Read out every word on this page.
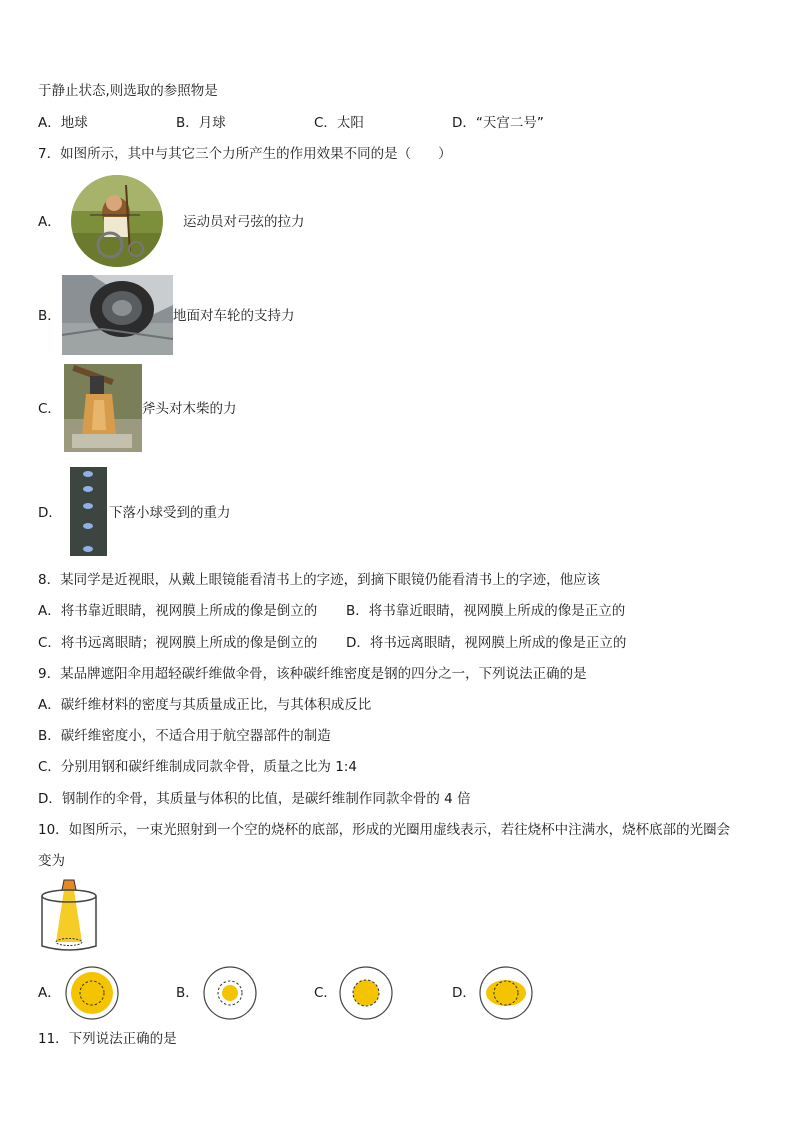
于静止状态,则选取的参照物是
A．地球	B．月球	C．太阳	D．“天宫二号”
7．如图所示，其中与其它三个力所产生的作用效果不同的是（　　）
A．	运动员对弓弦的拉力
B．	地面对车轮的支持力
C．	斧头对木柴的力
D．	下落小球受到的重力
8．某同学是近视眼，从戴上眼镜能看清书上的字迹，到摘下眼镜仍能看清书上的字迹，他应该
A．将书靠近眼睛，视网膜上所成的像是倒立的 B．将书靠近眼睛，视网膜上所成的像是正立的
C．将书远离眼睛；视网膜上所成的像是倒立的 D．将书远离眼睛，视网膜上所成的像是正立的
9．某品牌遮阳伞用超轻碳纤维做伞骨，该种碳纤维密度是钢的四分之一，下列说法正确的是
A．碳纤维材料的密度与其质量成正比，与其体积成反比
B．碳纤维密度小，不适合用于航空器部件的制造
C．分别用钢和碳纤维制成同款伞骨，质量之比为 1:4
D．钢制作的伞骨，其质量与体积的比值，是碳纤维制作同款伞骨的 4 倍
10．如图所示，一束光照射到一个空的烧杯的底部，形成的光圈用虚线表示，若往烧杯中注满水，烧杯底部的光圈会
变为
A．	B．	C．	D．
11．下列说法正确的是
